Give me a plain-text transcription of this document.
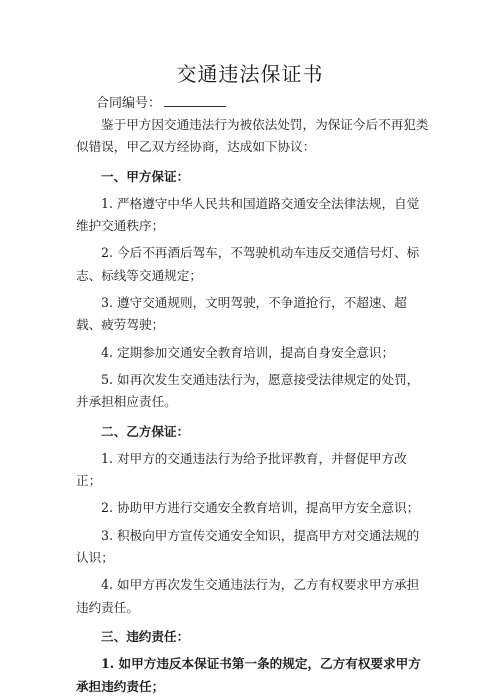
交通违法保证书
合同编号：

鉴于甲方因交通违法行为被依法处罚，为保证今后不再犯类似错误，甲乙双方经协商，达成如下协议：

一、甲方保证：

1. 严格遵守中华人民共和国道路交通安全法律法规，自觉维护交通秩序；

2. 今后不再酒后驾车，不驾驶机动车违反交通信号灯、标志、标线等交通规定；

3. 遵守交通规则，文明驾驶，不争道抢行，不超速、超载、疲劳驾驶；

4. 定期参加交通安全教育培训，提高自身安全意识；

5. 如再次发生交通违法行为，愿意接受法律规定的处罚，并承担相应责任。

二、乙方保证：

1. 对甲方的交通违法行为给予批评教育，并督促甲方改正；

2. 协助甲方进行交通安全教育培训，提高甲方安全意识；

3. 积极向甲方宣传交通安全知识，提高甲方对交通法规的认识；

4. 如甲方再次发生交通违法行为，乙方有权要求甲方承担违约责任。

三、违约责任：

1. 如甲方违反本保证书第一条的规定，乙方有权要求甲方承担违约责任；
